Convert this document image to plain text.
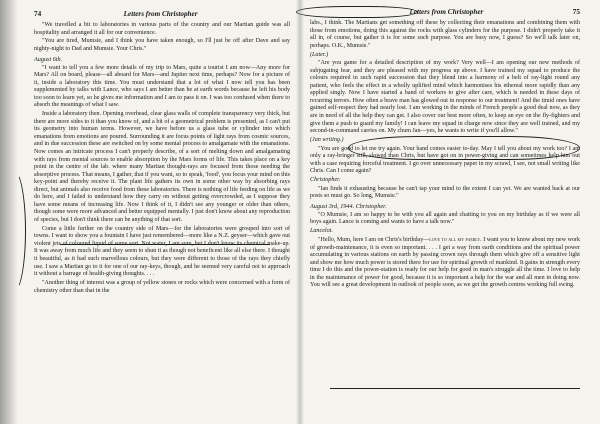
74	Letters from Christopher

"We travelled a bit to laboratories in various parts of the country and our Martian guide was all hospitality and arranged it all for our convenience.

"You are tired, Mumsie, and I think you have taken enough, so I'll just be off after Dave and say nighty-night to Dad and Mumsie. Your Chris."

August 6th.

"I want to tell you a few more details of my trip to Mars, quite a tourist I am now—Any more for Mars? All on board, please—all aboard for Mars—and Jupiter next time, perhaps? Now for a picture of it, inside a laboratory this time. You must understand that a lot of what I now tell you has been supplemented by talks with Lance, who says I am better than he at earth words because he left his body too soon to learn yet, so he gives me information and I am to pass it on. I was too confused when there to absorb the meanings of what I saw.

Inside a laboratory then. Opening overhead, clear glass walls of complete transparency very thick, but there are more sides to it than you know of, and a bit of a geometrical problem is presented, as I can't put its geometry into human terms. However, we have before us a glass tube or cylinder into which emanations from emotions are poured. Surrounding it are focus points of light rays from cosmic sources, and in due succession these are switched on by some mental process to amalgamate with the emanations. Now comes an intricate process I can't properly describe, of a sort of melting down and amalgamating with rays from mental sources to enable absorption by the Mars forms of life. This takes place on a key point in the centre of the lab. where many Martian thought-rays are focused from those needing the absorptive process. That means, I gather, that if you want, so to speak, 'food', you focus your mind on this key-point and thereby receive it. The plant life gathers its own in some other way by absorbing rays direct, but animals also receive food from these laboratories. There is nothing of life feeding on life as we do here, and I failed to understand how they carry on without getting overcrowded, as I suppose they have some means of increasing life. Now I think of it, I didn't see any younger or older than others, though some were more advanced and better equipped mentally. I just don't know about any reproduction of species, but I don't think there can be anything of that sort.

Come a little further on the country side of Mars—for the laboratories were grouped into sort of towns. I want to show you a fountain I have just remembered—more like a N.Z. geyser—which gave out violent jets of coloured liquid of some sort. Not water, I am sure, but I don't know its chemical make-up. It was away from much life and they seem to shun it as though not beneficent like all else there. I thought it beautiful, as it had such marvellous colours, but they were different to those of the rays they chiefly use. I saw a Martian go to it for one of our ray-keys, though, and he seemed very careful not to approach it without a barrage of health-giving thoughts. . . .

"Another thing of interest was a group of yellow stones or rocks which were concerned with a form of chemistry other than that in the

Letters from Christopher	75

labs., I think. The Martians get something off these by collecting their emanations and combining them with those from emotions, doing this against the rocks with glass cylinders for the purpose. I didn't properly take it all in, of course, but gather it is for some such purpose. You are busy now, I guess? So we'll talk later on, perhaps. O.K., Mumsie."

(Later.)

"Are you game for a detailed description of my work? Very well—I am opening our new methods of subjugating fear, and they are pleased with my progress up above. I have trained my squad to produce the colours required in such rapid succession that they blend into a harmony of a belt of ray-light round any patient, who feels the effect in a wholly uplifted mind which harmonises his ethereal more rapidly than any applied singly. Now I have started a band of workers to give after care, which is needed in these days of recurring terrors. How often a brave man has glowed out in response to our treatment! And the timid ones have gained self-respect they had nearly lost. I am working in the minds of French people a good deal now, as they are in need of all the help they can get. I also cover our best more often, to keep an eye on the fly-fighters and give them a push to guard my family! I can leave my squad in charge now since they are well trained, and my second-in-command carries on. My chum Jan—yes, he wants to write if you'll allow."

(Jan writing.)

"You are good to let me try again. Your hand comes easier to-day. May I tell you about my work too? I am only a ray-bringer still, slowed than Chris, but have got on in power-giving and can sometimes help him out with a case requiring forceful treatment. I go over unnecessary paper in my scrawl, I see, not small writing like Chris. Can I come again?

Christopher.

"Ian finds it exhausting because he can't tap your mind to the extent I can yet. We are wanted back at our posts so must go. So long, Mumsie."

August 3rd, 1944. Christopher.

"O Mumsie, I am so happy to be with you all again and chatting to you on my birthday as if we were all boys again. Lance is coming and wants to have a talk now."

Lancelot.

"Hello, Mum, here I am on Chris's birthday—love to all my family. I want you to know about my new work of growth-maintenance, it is even so important. . . . I get a way from earth conditions and the spiritual power accumulating in various stations on earth by passing crown rays through them which give off a sensitive light and show me how much power is stored there for use for spiritual growth of mankind. It gains in strength every time I do this and the power-station is ready for our help for good in man's struggle all the time. I love to help in the maintenance of power for good, because it is so important a help for the war and all men in doing now. You will see a great development in outlook of people soon, as we get the growth centres working full swing.
